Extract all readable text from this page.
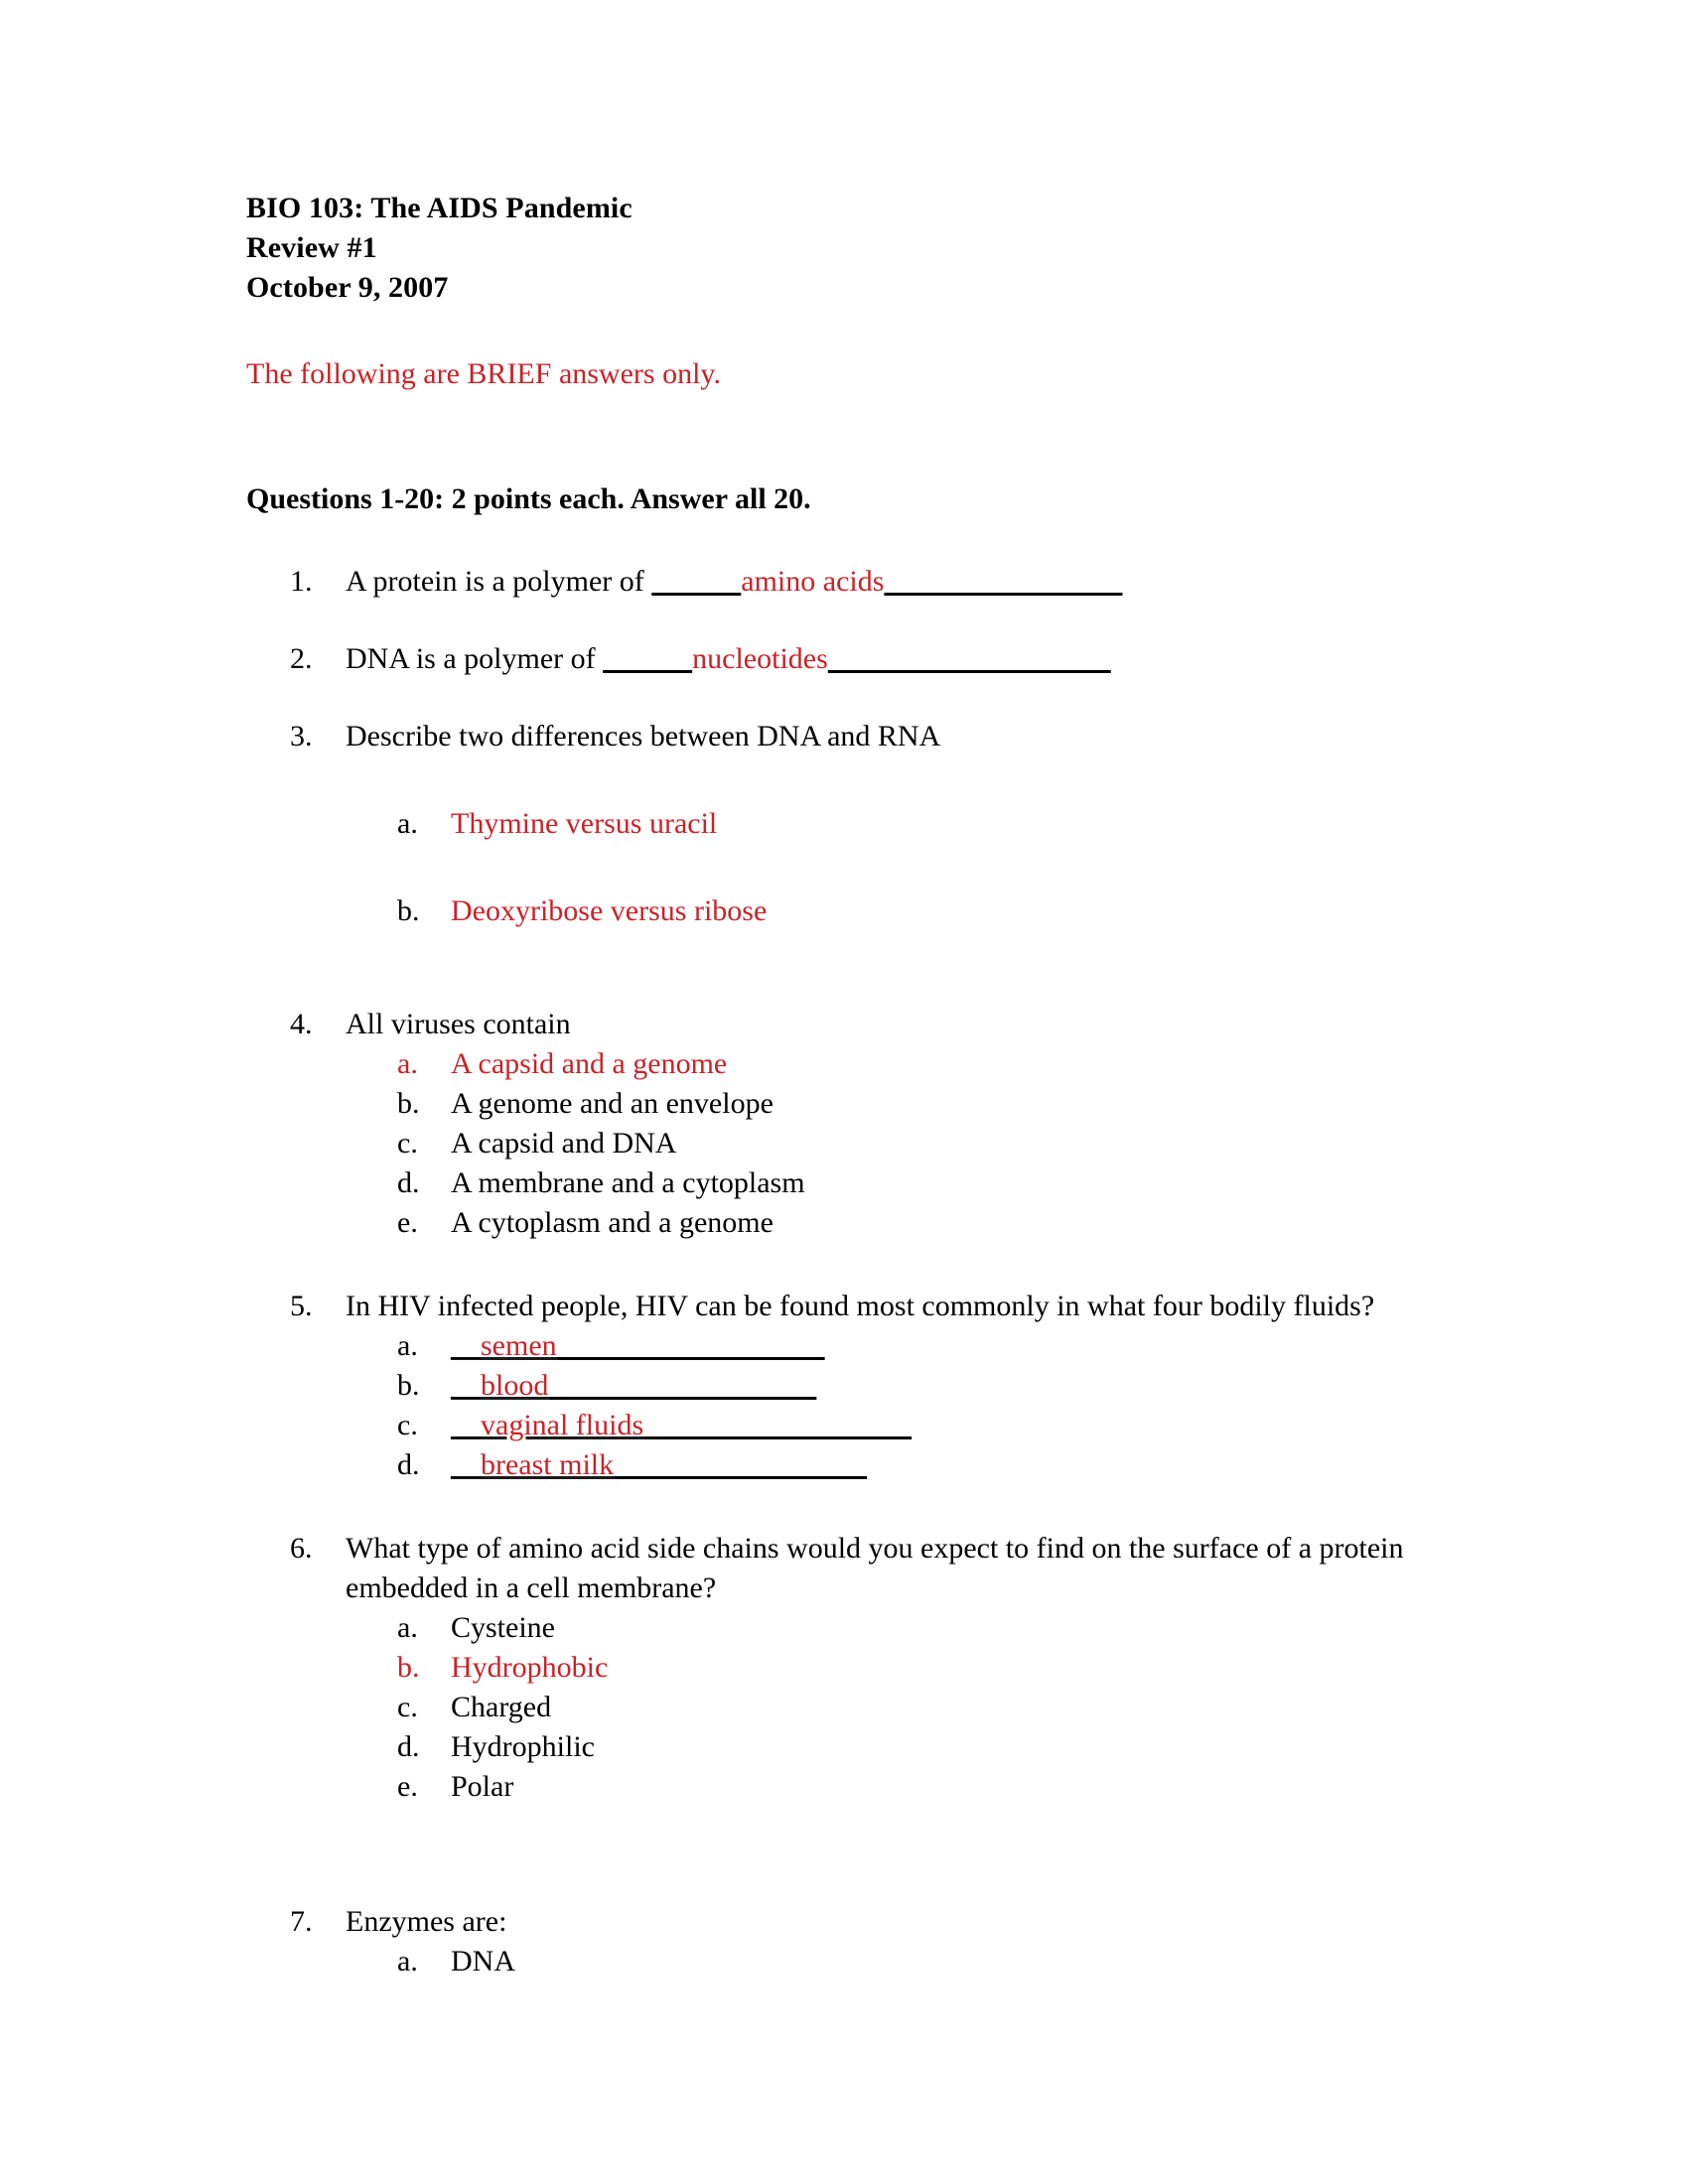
BIO 103: The AIDS Pandemic
Review #1
October 9, 2007
The following are BRIEF answers only.
Questions 1-20: 2 points each. Answer all 20.
1.	A protein is a polymer of	amino acids
2.	DNA is a polymer of	nucleotides
3.	Describe two differences between DNA and RNA
a. Thymine versus uracil
b. Deoxyribose versus ribose
4.	All viruses contain
a. A capsid and a genome
b. A genome and an envelope
c. A capsid and DNA
d. A membrane and a cytoplasm
e. A cytoplasm and a genome
5.	In HIV infected people, HIV can be found most commonly in what four bodily fluids?
a. __semen
b. __blood
c. __vaginal fluids
d. __breast milk
6.	What type of amino acid side chains would you expect to find on the surface of a protein embedded in a cell membrane?
a. Cysteine
b. Hydrophobic
c. Charged
d. Hydrophilic
e. Polar
7.	Enzymes are:
a. DNA
